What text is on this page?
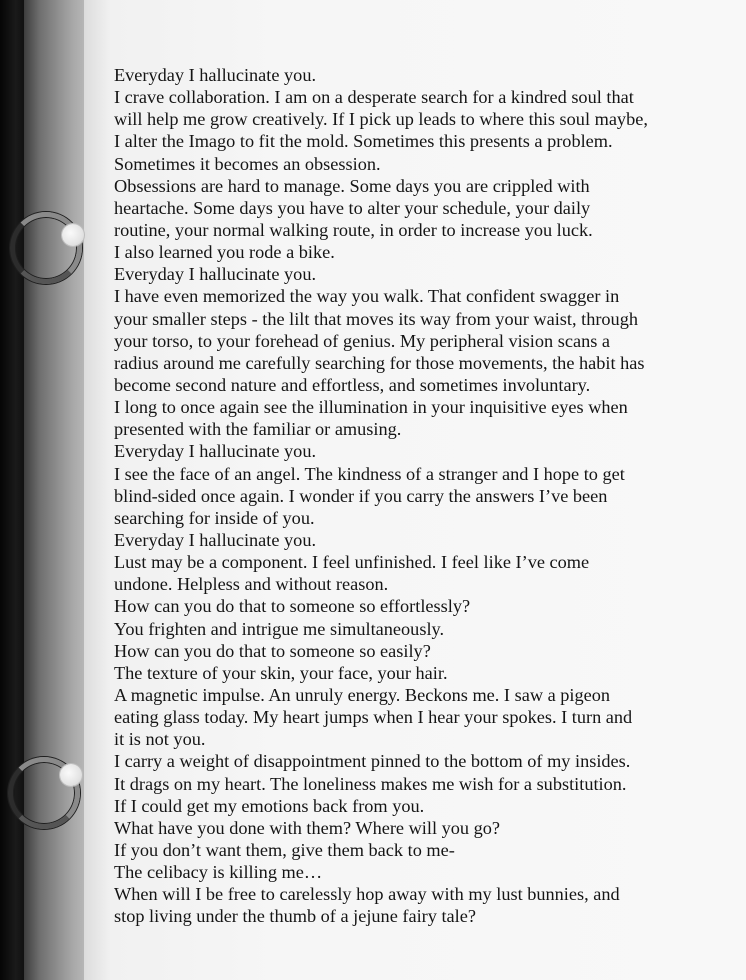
Everyday I hallucinate you.
I crave collaboration. I am on a desperate search for a kindred soul that
will help me grow creatively. If I pick up leads to where this soul maybe,
I alter the Imago to fit the mold. Sometimes this presents a problem.
Sometimes it becomes an obsession.
Obsessions are hard to manage. Some days you are crippled with
heartache. Some days you have to alter your schedule, your daily
routine, your normal walking route, in order to increase you luck.
I also learned you rode a bike.
Everyday I hallucinate you.
I have even memorized the way you walk. That confident swagger in
your smaller steps - the lilt that moves its way from your waist, through
your torso, to your forehead of genius. My peripheral vision scans a
radius around me carefully searching for those movements, the habit has
become second nature and effortless, and sometimes involuntary.
I long to once again see the illumination in your inquisitive eyes when
presented with the familiar or amusing.
Everyday I hallucinate you.
I see the face of an angel. The kindness of a stranger and I hope to get
blind-sided once again. I wonder if you carry the answers I’ve been
searching for inside of you.
Everyday I hallucinate you.
Lust may be a component. I feel unfinished. I feel like I’ve come
undone. Helpless and without reason.
How can you do that to someone so effortlessly?
You frighten and intrigue me simultaneously.
How can you do that to someone so easily?
The texture of your skin, your face, your hair.
A magnetic impulse. An unruly energy. Beckons me. I saw a pigeon
eating glass today. My heart jumps when I hear your spokes. I turn and
it is not you.
I carry a weight of disappointment pinned to the bottom of my insides.
It drags on my heart. The loneliness makes me wish for a substitution.
If I could get my emotions back from you.
What have you done with them? Where will you go?
If you don’t want them, give them back to me-
The celibacy is killing me…
When will I be free to carelessly hop away with my lust bunnies, and
stop living under the thumb of a jejune fairy tale?
